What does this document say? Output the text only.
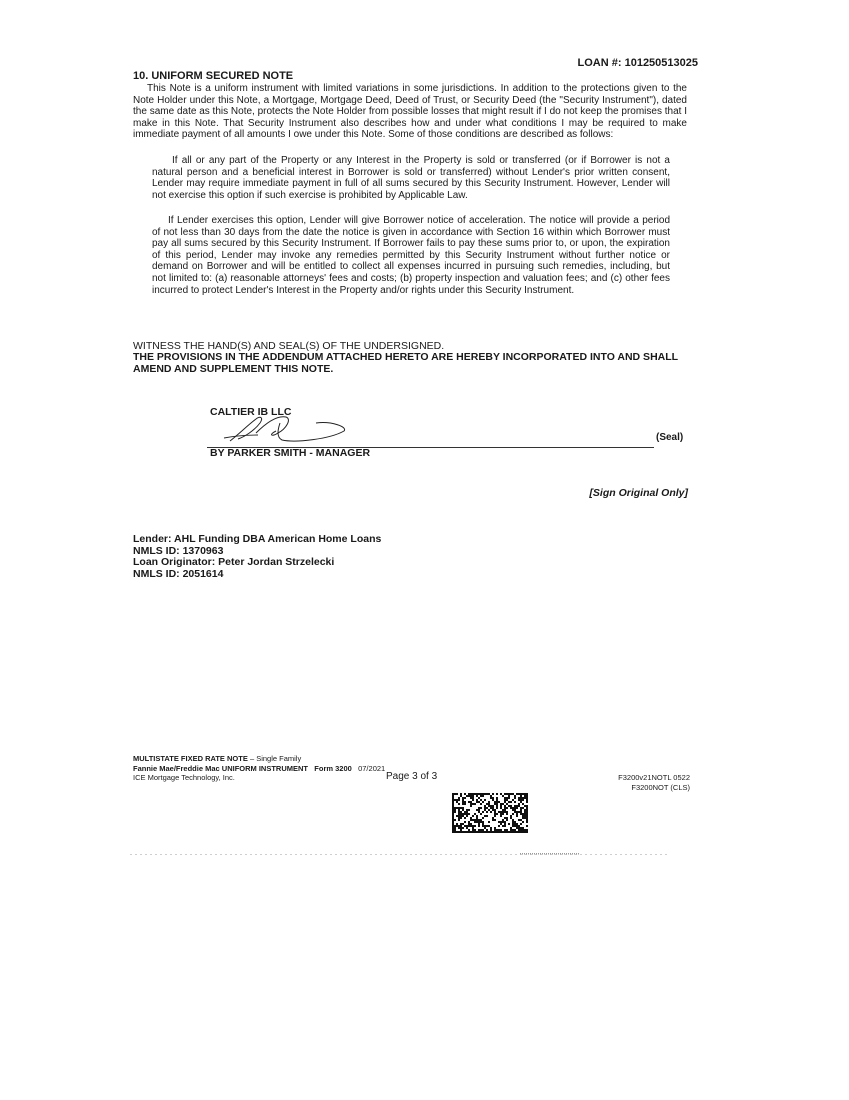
LOAN #: 101250513025
10. UNIFORM SECURED NOTE
This Note is a uniform instrument with limited variations in some jurisdictions. In addition to the protections given to the Note Holder under this Note, a Mortgage, Mortgage Deed, Deed of Trust, or Security Deed (the "Security Instrument"), dated the same date as this Note, protects the Note Holder from possible losses that might result if I do not keep the promises that I make in this Note. That Security Instrument also describes how and under what conditions I may be required to make immediate payment of all amounts I owe under this Note. Some of those conditions are described as follows:
If all or any part of the Property or any Interest in the Property is sold or transferred (or if Borrower is not a natural person and a beneficial interest in Borrower is sold or transferred) without Lender's prior written consent, Lender may require immediate payment in full of all sums secured by this Security Instrument. However, Lender will not exercise this option if such exercise is prohibited by Applicable Law.
If Lender exercises this option, Lender will give Borrower notice of acceleration. The notice will provide a period of not less than 30 days from the date the notice is given in accordance with Section 16 within which Borrower must pay all sums secured by this Security Instrument. If Borrower fails to pay these sums prior to, or upon, the expiration of this period, Lender may invoke any remedies permitted by this Security Instrument without further notice or demand on Borrower and will be entitled to collect all expenses incurred in pursuing such remedies, including, but not limited to: (a) reasonable attorneys' fees and costs; (b) property inspection and valuation fees; and (c) other fees incurred to protect Lender's Interest in the Property and/or rights under this Security Instrument.
WITNESS THE HAND(S) AND SEAL(S) OF THE UNDERSIGNED.
THE PROVISIONS IN THE ADDENDUM ATTACHED HERETO ARE HEREBY INCORPORATED INTO AND SHALL AMEND AND SUPPLEMENT THIS NOTE.
CALTIER IB LLC
(Seal)
BY PARKER SMITH - MANAGER
[Sign Original Only]
Lender: AHL Funding DBA American Home Loans
NMLS ID: 1370963
Loan Originator: Peter Jordan Strzelecki
NMLS ID: 2051614
MULTISTATE FIXED RATE NOTE – Single Family
Fannie Mae/Freddie Mac UNIFORM INSTRUMENT Form 3200 07/2021
ICE Mortgage Technology, Inc.	Page 3 of 3	F3200v21NOTL 0522
F3200NOT (CLS)
